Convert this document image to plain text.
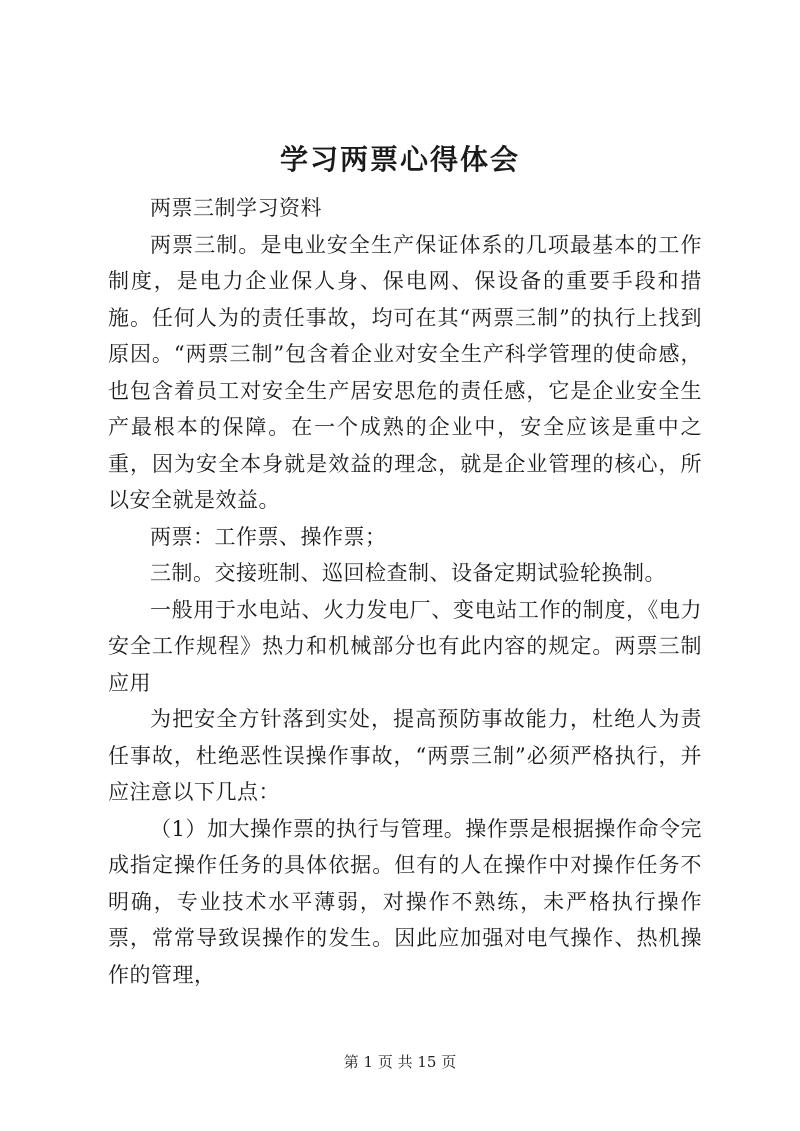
学习两票心得体会

两票三制学习资料

两票三制。是电业安全生产保证体系的几项最基本的工作制度，是电力企业保人身、保电网、保设备的重要手段和措施。任何人为的责任事故，均可在其“两票三制”的执行上找到原因。“两票三制”包含着企业对安全生产科学管理的使命感，也包含着员工对安全生产居安思危的责任感，它是企业安全生产最根本的保障。在一个成熟的企业中，安全应该是重中之重，因为安全本身就是效益的理念，就是企业管理的核心，所以安全就是效益。

两票：工作票、操作票；

三制。交接班制、巡回检查制、设备定期试验轮换制。

一般用于水电站、火力发电厂、变电站工作的制度，《电力安全工作规程》热力和机械部分也有此内容的规定。两票三制应用

为把安全方针落到实处，提高预防事故能力，杜绝人为责任事故，杜绝恶性误操作事故，“两票三制”必须严格执行，并应注意以下几点：

（1）加大操作票的执行与管理。操作票是根据操作命令完成指定操作任务的具体依据。但有的人在操作中对操作任务不明确，专业技术水平薄弱，对操作不熟练，未严格执行操作票，常常导致误操作的发生。因此应加强对电气操作、热机操作的管理，

第 1 页 共 15 页
